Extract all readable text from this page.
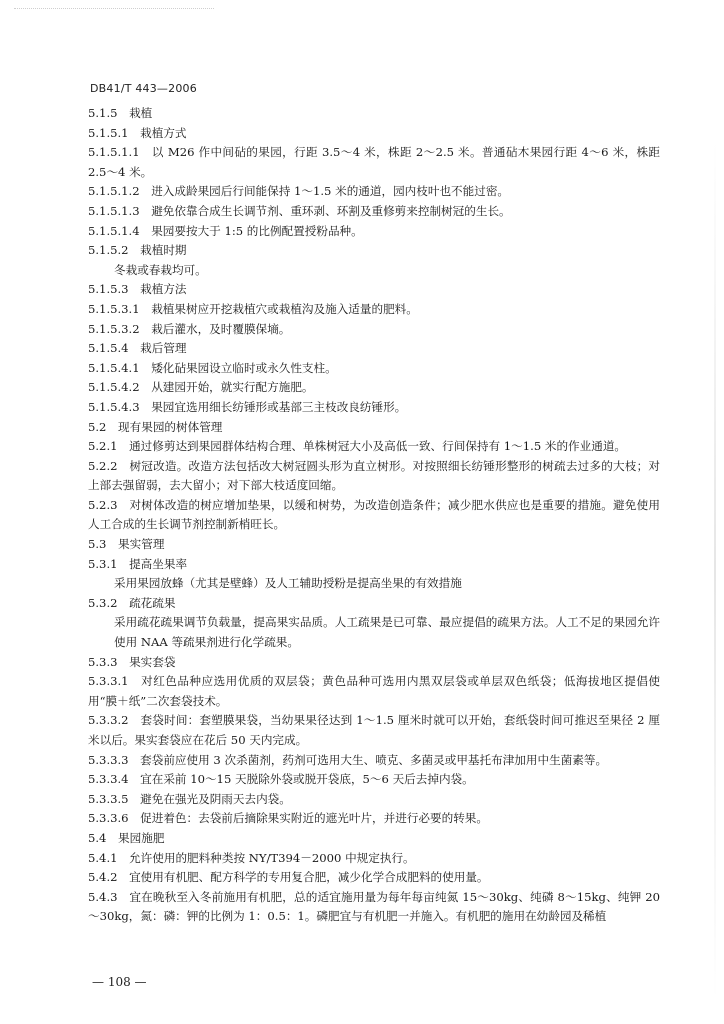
DB41/T 443—2006
5.1.5　栽植
5.1.5.1　栽植方式
5.1.5.1.1　以 M26 作中间砧的果园，行距 3.5～4 米，株距 2～2.5 米。普通砧木果园行距 4～6 米，株距 2.5～4 米。
5.1.5.1.2　进入成龄果园后行间能保持 1～1.5 米的通道，园内枝叶也不能过密。
5.1.5.1.3　避免依靠合成生长调节剂、重环剥、环割及重修剪来控制树冠的生长。
5.1.5.1.4　果园要按大于 1:5 的比例配置授粉品种。
5.1.5.2　栽植时期
冬栽或春栽均可。
5.1.5.3　栽植方法
5.1.5.3.1　栽植果树应开挖栽植穴或栽植沟及施入适量的肥料。
5.1.5.3.2　栽后灌水，及时覆膜保墒。
5.1.5.4　栽后管理
5.1.5.4.1　矮化砧果园设立临时或永久性支柱。
5.1.5.4.2　从建园开始，就实行配方施肥。
5.1.5.4.3　果园宜选用细长纺锤形或基部三主枝改良纺锤形。
5.2　现有果园的树体管理
5.2.1　通过修剪达到果园群体结构合理、单株树冠大小及高低一致、行间保持有 1～1.5 米的作业通道。
5.2.2　树冠改造。改造方法包括改大树冠圆头形为直立树形。对按照细长纺锤形整形的树疏去过多的大枝；对上部去强留弱，去大留小；对下部大枝适度回缩。
5.2.3　对树体改造的树应增加垫果，以缓和树势，为改造创造条件；减少肥水供应也是重要的措施。避免使用人工合成的生长调节剂控制新梢旺长。
5.3　果实管理
5.3.1　提高坐果率
采用果园放蜂（尤其是壁蜂）及人工辅助授粉是提高坐果的有效措施
5.3.2　疏花疏果
采用疏花疏果调节负载量，提高果实品质。人工疏果是已可靠、最应提倡的疏果方法。人工不足的果园允许使用 NAA 等疏果剂进行化学疏果。
5.3.3　果实套袋
5.3.3.1　对红色品种应选用优质的双层袋；黄色品种可选用内黑双层袋或单层双色纸袋；低海拔地区提倡使用“膜＋纸”二次套袋技术。
5.3.3.2　套袋时间：套塑膜果袋，当幼果果径达到 1～1.5 厘米时就可以开始，套纸袋时间可推迟至果径 2 厘米以后。果实套袋应在花后 50 天内完成。
5.3.3.3　套袋前应使用 3 次杀菌剂，药剂可选用大生、喷克、多菌灵或甲基托布津加用中生菌素等。
5.3.3.4　宜在采前 10～15 天脱除外袋或脱开袋底，5～6 天后去掉内袋。
5.3.3.5　避免在强光及阴雨天去内袋。
5.3.3.6　促进着色：去袋前后摘除果实附近的遮光叶片，并进行必要的转果。
5.4　果园施肥
5.4.1　允许使用的肥料种类按 NY/T394－2000 中规定执行。
5.4.2　宜使用有机肥、配方科学的专用复合肥，减少化学合成肥料的使用量。
5.4.3　宜在晚秋至入冬前施用有机肥，总的适宜施用量为每年每亩纯氮 15～30kg、纯磷 8～15kg、纯钾 20～30kg，氮：磷：钾的比例为 1：0.5：1。磷肥宜与有机肥一并施入。有机肥的施用在幼龄园及稀植
— 108 —
